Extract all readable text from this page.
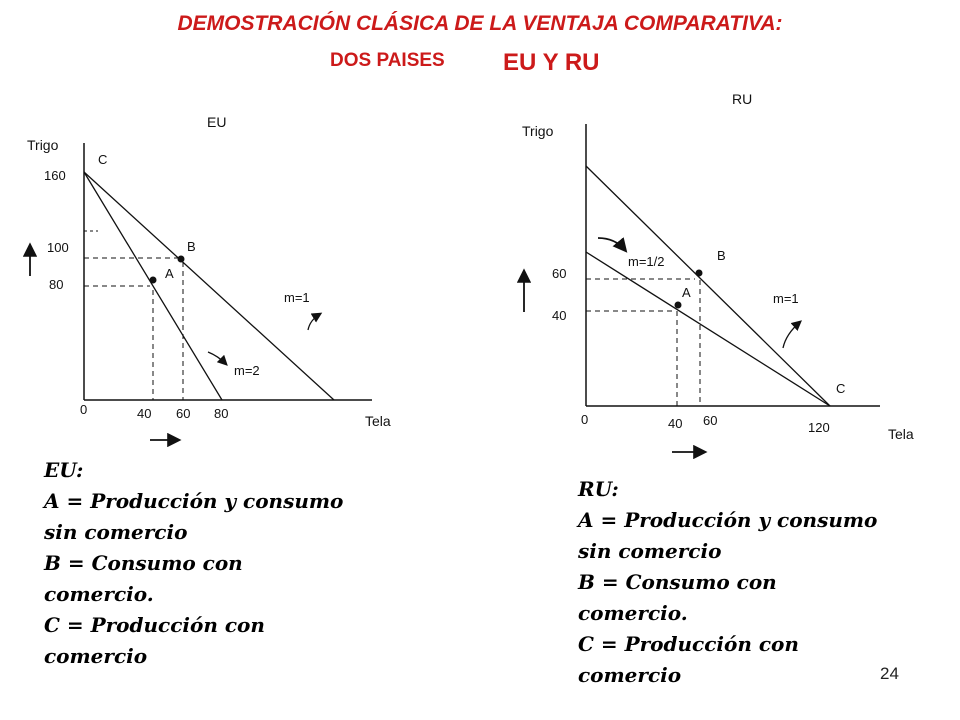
DEMOSTRACIÓN CLÁSICA DE LA VENTAJA COMPARATIVA:
DOS PAISES EU Y RU
EU
Trigo
Tela
0
C
B
A
160
100
80
40 60 80
m=1
m=2
RU
Trigo
Tela
0
C
B
A
60
40
40 60	120
m=1/2
m=1
EU:
A = Producción y consumo
sin comercio
B = Consumo con
comercio.
C = Producción con
comercio
RU:
A = Producción y consumo
sin comercio
B = Consumo con
comercio.
C = Producción con
comercio	24
